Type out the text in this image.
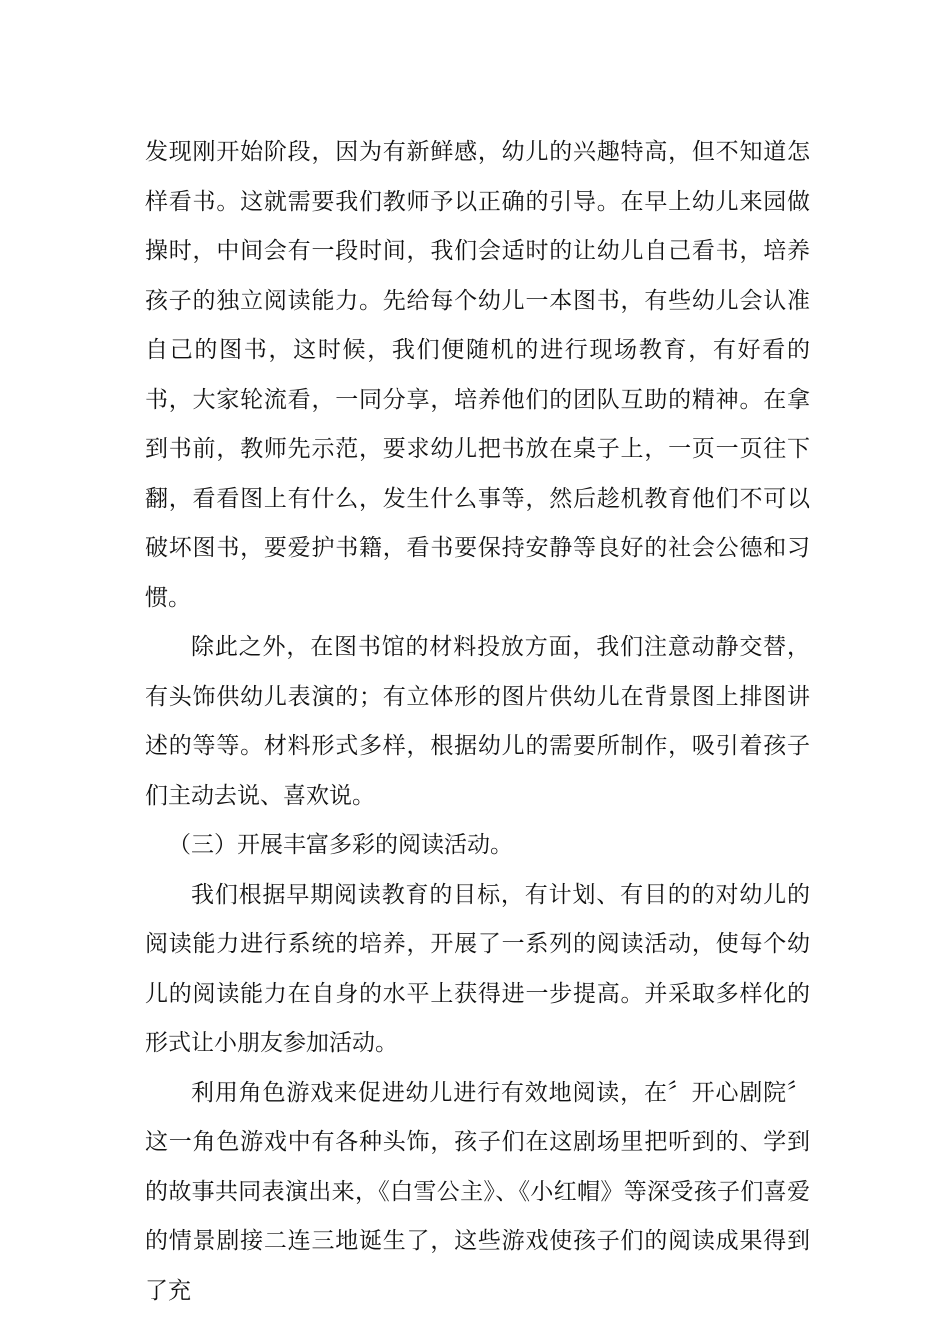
发现刚开始阶段，因为有新鲜感，幼儿的兴趣特高，但不知道怎样看书。这就需要我们教师予以正确的引导。在早上幼儿来园做操时，中间会有一段时间，我们会适时的让幼儿自己看书，培养孩子的独立阅读能力。先给每个幼儿一本图书，有些幼儿会认准自己的图书，这时候，我们便随机的进行现场教育，有好看的书，大家轮流看，一同分享，培养他们的团队互助的精神。在拿到书前，教师先示范，要求幼儿把书放在桌子上，一页一页往下翻，看看图上有什么，发生什么事等，然后趁机教育他们不可以破坏图书，要爱护书籍，看书要保持安静等良好的社会公德和习惯。

除此之外，在图书馆的材料投放方面，我们注意动静交替，有头饰供幼儿表演的；有立体形的图片供幼儿在背景图上排图讲述的等等。材料形式多样，根据幼儿的需要所制作，吸引着孩子们主动去说、喜欢说。

（三）开展丰富多彩的阅读活动。

我们根据早期阅读教育的目标，有计划、有目的的对幼儿的阅读能力进行系统的培养，开展了一系列的阅读活动，使每个幼儿的阅读能力在自身的水平上获得进一步提高。并采取多样化的形式让小朋友参加活动。

利用角色游戏来促进幼儿进行有效地阅读，在〞开心剧院〞这一角色游戏中有各种头饰，孩子们在这剧场里把听到的、学到的故事共同表演出来，《白雪公主》、《小红帽》等深受孩子们喜爱的情景剧接二连三地诞生了，这些游戏使孩子们的阅读成果得到了充
